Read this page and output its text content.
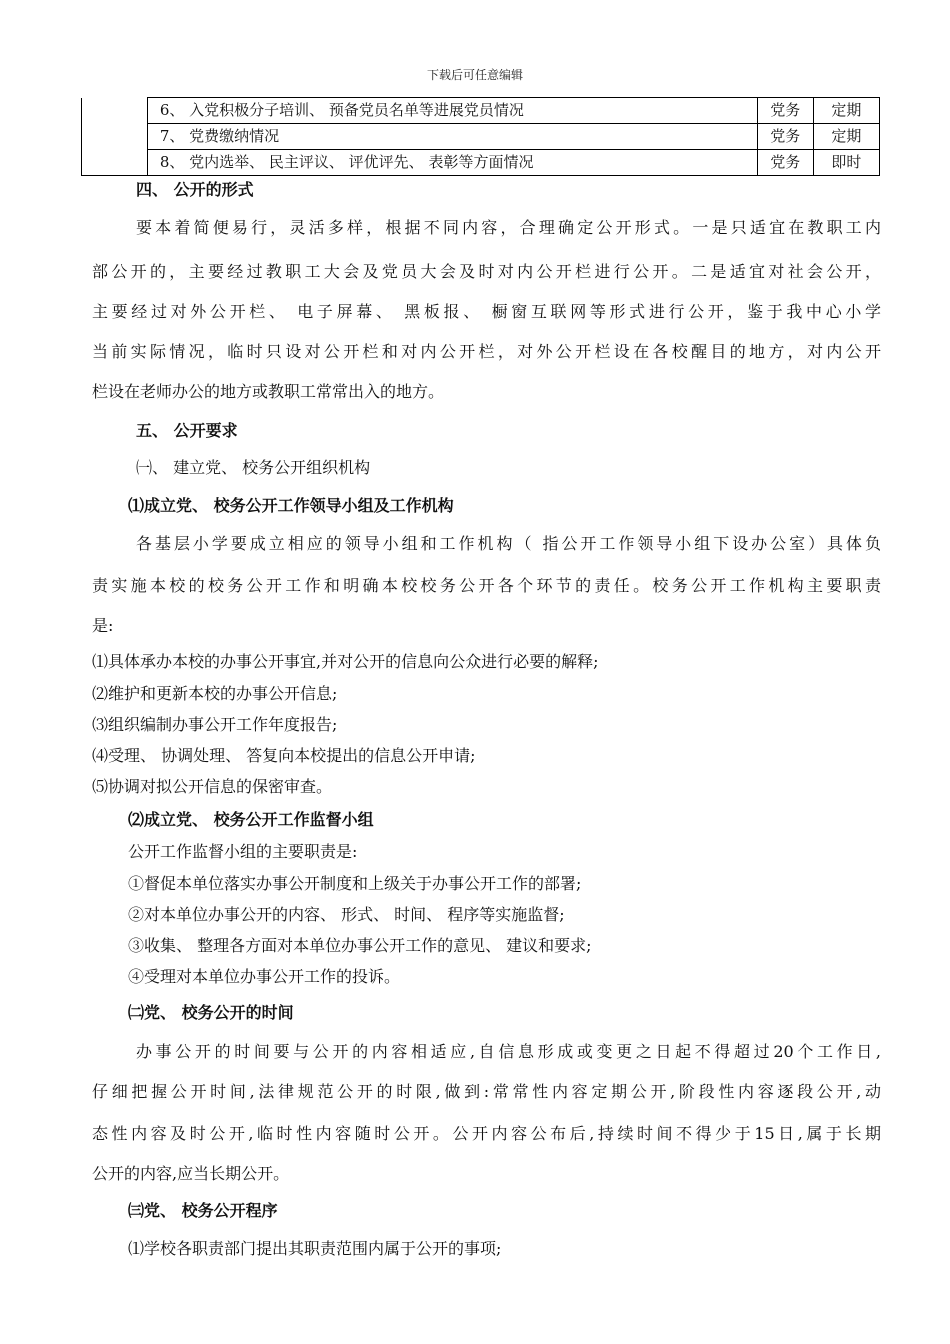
下载后可任意编辑
	6、 入党积极分子培训、 预备党员名单等进展党员情况	党务	定期
	7、 党费缴纳情况	党务	定期
	8、 党内选举、 民主评议、 评优评先、 表彰等方面情况	党务	即时
四、 公开的形式
要本着简便易行，灵活多样，根据不同内容，合理确定公开形式。一是只适宜在教职工内
部公开的，主要经过教职工大会及党员大会及时对内公开栏进行公开。二是适宜对社会公开，
主要经过对外公开栏、 电子屏幕、 黑板报、 橱窗互联网等形式进行公开，鉴于我中心小学
当前实际情况，临时只设对公开栏和对内公开栏，对外公开栏设在各校醒目的地方，对内公开
栏设在老师办公的地方或教职工常常出入的地方。
五、 公开要求
㈠、 建立党、 校务公开组织机构
⑴成立党、 校务公开工作领导小组及工作机构
各基层小学要成立相应的领导小组和工作机构（ 指公开工作领导小组下设办公室）具体负
责实施本校的校务公开工作和明确本校校务公开各个环节的责任。校务公开工作机构主要职责
是:
⑴具体承办本校的办事公开事宜,并对公开的信息向公众进行必要的解释;
⑵维护和更新本校的办事公开信息;
⑶组织编制办事公开工作年度报告;
⑷受理、 协调处理、 答复向本校提出的信息公开申请;
⑸协调对拟公开信息的保密审查。
⑵成立党、 校务公开工作监督小组
公开工作监督小组的主要职责是:
①督促本单位落实办事公开制度和上级关于办事公开工作的部署;
②对本单位办事公开的内容、 形式、 时间、 程序等实施监督;
③收集、 整理各方面对本单位办事公开工作的意见、 建议和要求;
④受理对本单位办事公开工作的投诉。
㈡党、 校务公开的时间
办事公开的时间要与公开的内容相适应,自信息形成或变更之日起不得超过20个工作日,
仔细把握公开时间,法律规范公开的时限,做到:常常性内容定期公开,阶段性内容逐段公开,动
态性内容及时公开,临时性内容随时公开。公开内容公布后,持续时间不得少于15日,属于长期
公开的内容,应当长期公开。
㈢党、 校务公开程序
⑴学校各职责部门提出其职责范围内属于公开的事项;
